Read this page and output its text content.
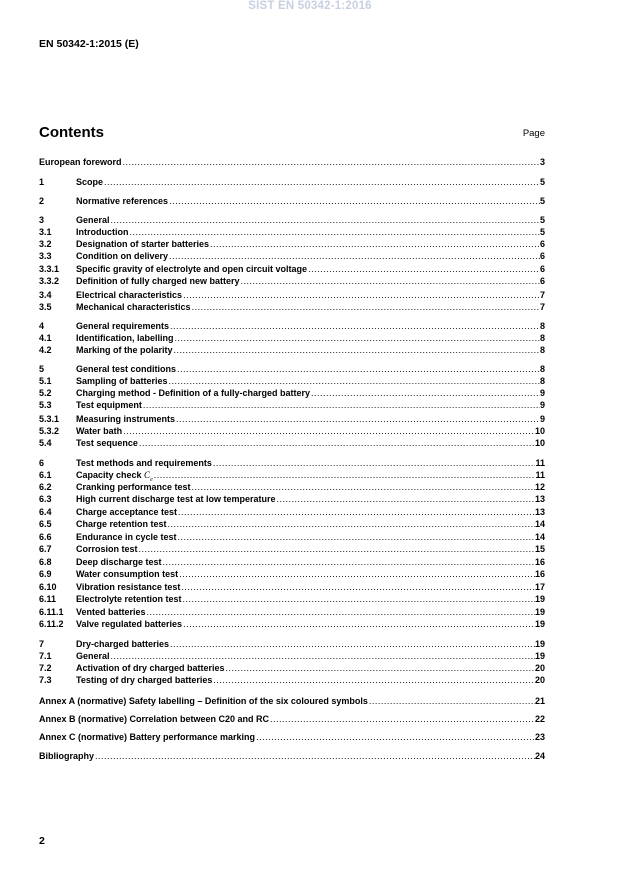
SIST EN 50342-1:2016
EN 50342-1:2015 (E)
Contents	Page
European foreword .....	3
1	Scope .....	5
2	Normative references .....	5
3	General .....	5
3.1	Introduction .....	5
3.2	Designation of starter batteries .....	6
3.3	Condition on delivery .....	6
3.3.1	Specific gravity of electrolyte and open circuit voltage .....	6
3.3.2	Definition of fully charged new battery .....	6
3.4	Electrical characteristics .....	7
3.5	Mechanical characteristics .....	7
4	General requirements .....	8
4.1	Identification, labelling .....	8
4.2	Marking of the polarity .....	8
5	General test conditions .....	8
5.1	Sampling of batteries .....	8
5.2	Charging method - Definition of a fully-charged battery .....	9
5.3	Test equipment .....	9
5.3.1	Measuring instruments .....	9
5.3.2	Water bath .....	10
5.4	Test sequence .....	10
6	Test methods and requirements .....	11
6.1	Capacity check $C_e$ .....	11
6.2	Cranking performance test .....	12
6.3	High current discharge test at low temperature .....	13
6.4	Charge acceptance test .....	13
6.5	Charge retention test .....	14
6.6	Endurance in cycle test .....	14
6.7	Corrosion test .....	15
6.8	Deep discharge test .....	16
6.9	Water consumption test .....	16
6.10	Vibration resistance test .....	17
6.11	Electrolyte retention test .....	19
6.11.1	Vented batteries .....	19
6.11.2	Valve regulated batteries .....	19
7	Dry-charged batteries .....	19
7.1	General .....	19
7.2	Activation of dry charged batteries .....	20
7.3	Testing of dry charged batteries .....	20
Annex A (normative) Safety labelling – Definition of the six coloured symbols .....	21
Annex B (normative) Correlation between C20 and RC .....	22
Annex C (normative) Battery performance marking .....	23
Bibliography .....	24
2
